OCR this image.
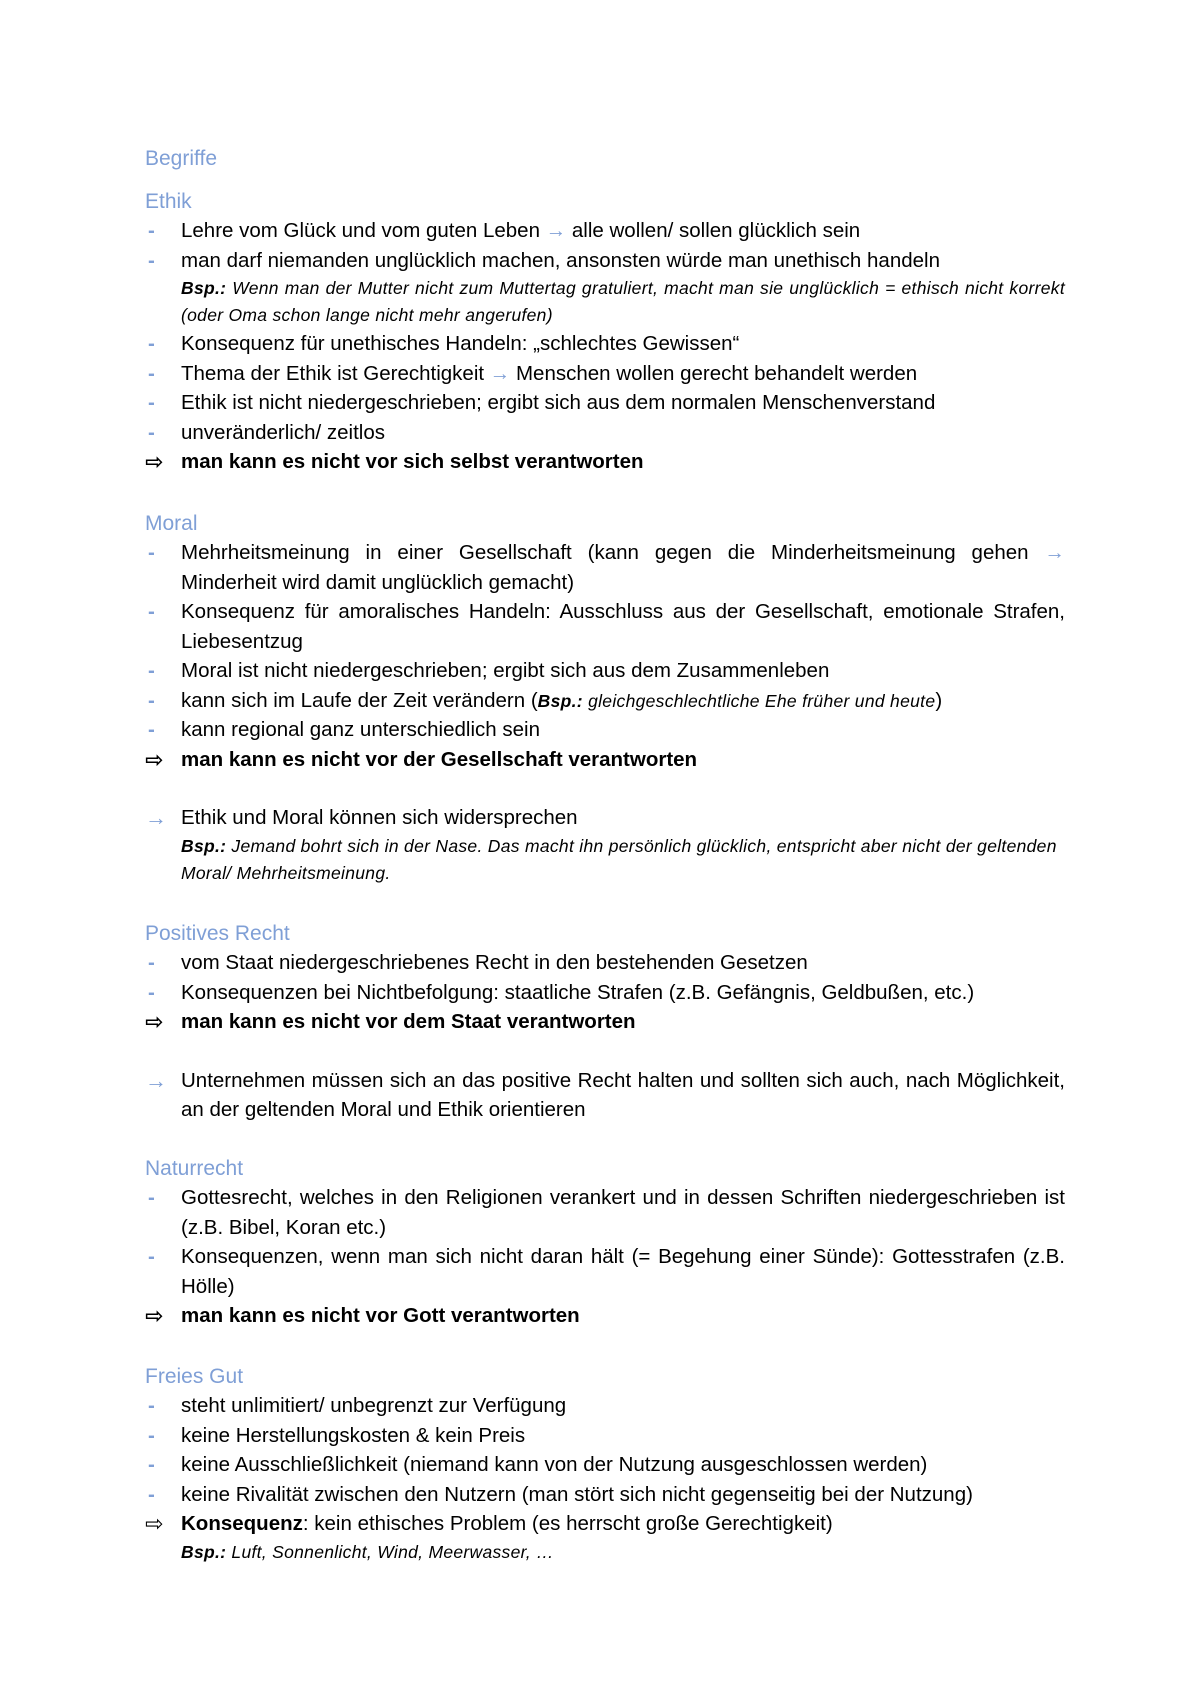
Begriffe
Ethik
-	Lehre vom Glück und vom guten Leben → alle wollen/ sollen glücklich sein
-	man darf niemanden unglücklich machen, ansonsten würde man unethisch handeln
Bsp.: Wenn man der Mutter nicht zum Muttertag gratuliert, macht man sie unglücklich = ethisch nicht korrekt (oder Oma schon lange nicht mehr angerufen)
-	Konsequenz für unethisches Handeln: „schlechtes Gewissen“
-	Thema der Ethik ist Gerechtigkeit → Menschen wollen gerecht behandelt werden
-	Ethik ist nicht niedergeschrieben; ergibt sich aus dem normalen Menschenverstand
-	unveränderlich/ zeitlos
⇨ man kann es nicht vor sich selbst verantworten
Moral
-	Mehrheitsmeinung in einer Gesellschaft (kann gegen die Minderheitsmeinung gehen → Minderheit wird damit unglücklich gemacht)
-	Konsequenz für amoralisches Handeln: Ausschluss aus der Gesellschaft, emotionale Strafen, Liebesentzug
-	Moral ist nicht niedergeschrieben; ergibt sich aus dem Zusammenleben
-	kann sich im Laufe der Zeit verändern (Bsp.: gleichgeschlechtliche Ehe früher und heute)
-	kann regional ganz unterschiedlich sein
⇨ man kann es nicht vor der Gesellschaft verantworten
→ Ethik und Moral können sich widersprechen
Bsp.: Jemand bohrt sich in der Nase. Das macht ihn persönlich glücklich, entspricht aber nicht der geltenden Moral/ Mehrheitsmeinung.
Positives Recht
-	vom Staat niedergeschriebenes Recht in den bestehenden Gesetzen
-	Konsequenzen bei Nichtbefolgung: staatliche Strafen (z.B. Gefängnis, Geldbußen, etc.)
⇨ man kann es nicht vor dem Staat verantworten
→ Unternehmen müssen sich an das positive Recht halten und sollten sich auch, nach Möglichkeit, an der geltenden Moral und Ethik orientieren
Naturrecht
-	Gottesrecht, welches in den Religionen verankert und in dessen Schriften niedergeschrieben ist (z.B. Bibel, Koran etc.)
-	Konsequenzen, wenn man sich nicht daran hält (= Begehung einer Sünde): Gottesstrafen (z.B. Hölle)
⇨ man kann es nicht vor Gott verantworten
Freies Gut
-	steht unlimitiert/ unbegrenzt zur Verfügung
-	keine Herstellungskosten & kein Preis
-	keine Ausschließlichkeit (niemand kann von der Nutzung ausgeschlossen werden)
-	keine Rivalität zwischen den Nutzern (man stört sich nicht gegenseitig bei der Nutzung)
⇨ Konsequenz: kein ethisches Problem (es herrscht große Gerechtigkeit)
Bsp.: Luft, Sonnenlicht, Wind, Meerwasser, …
